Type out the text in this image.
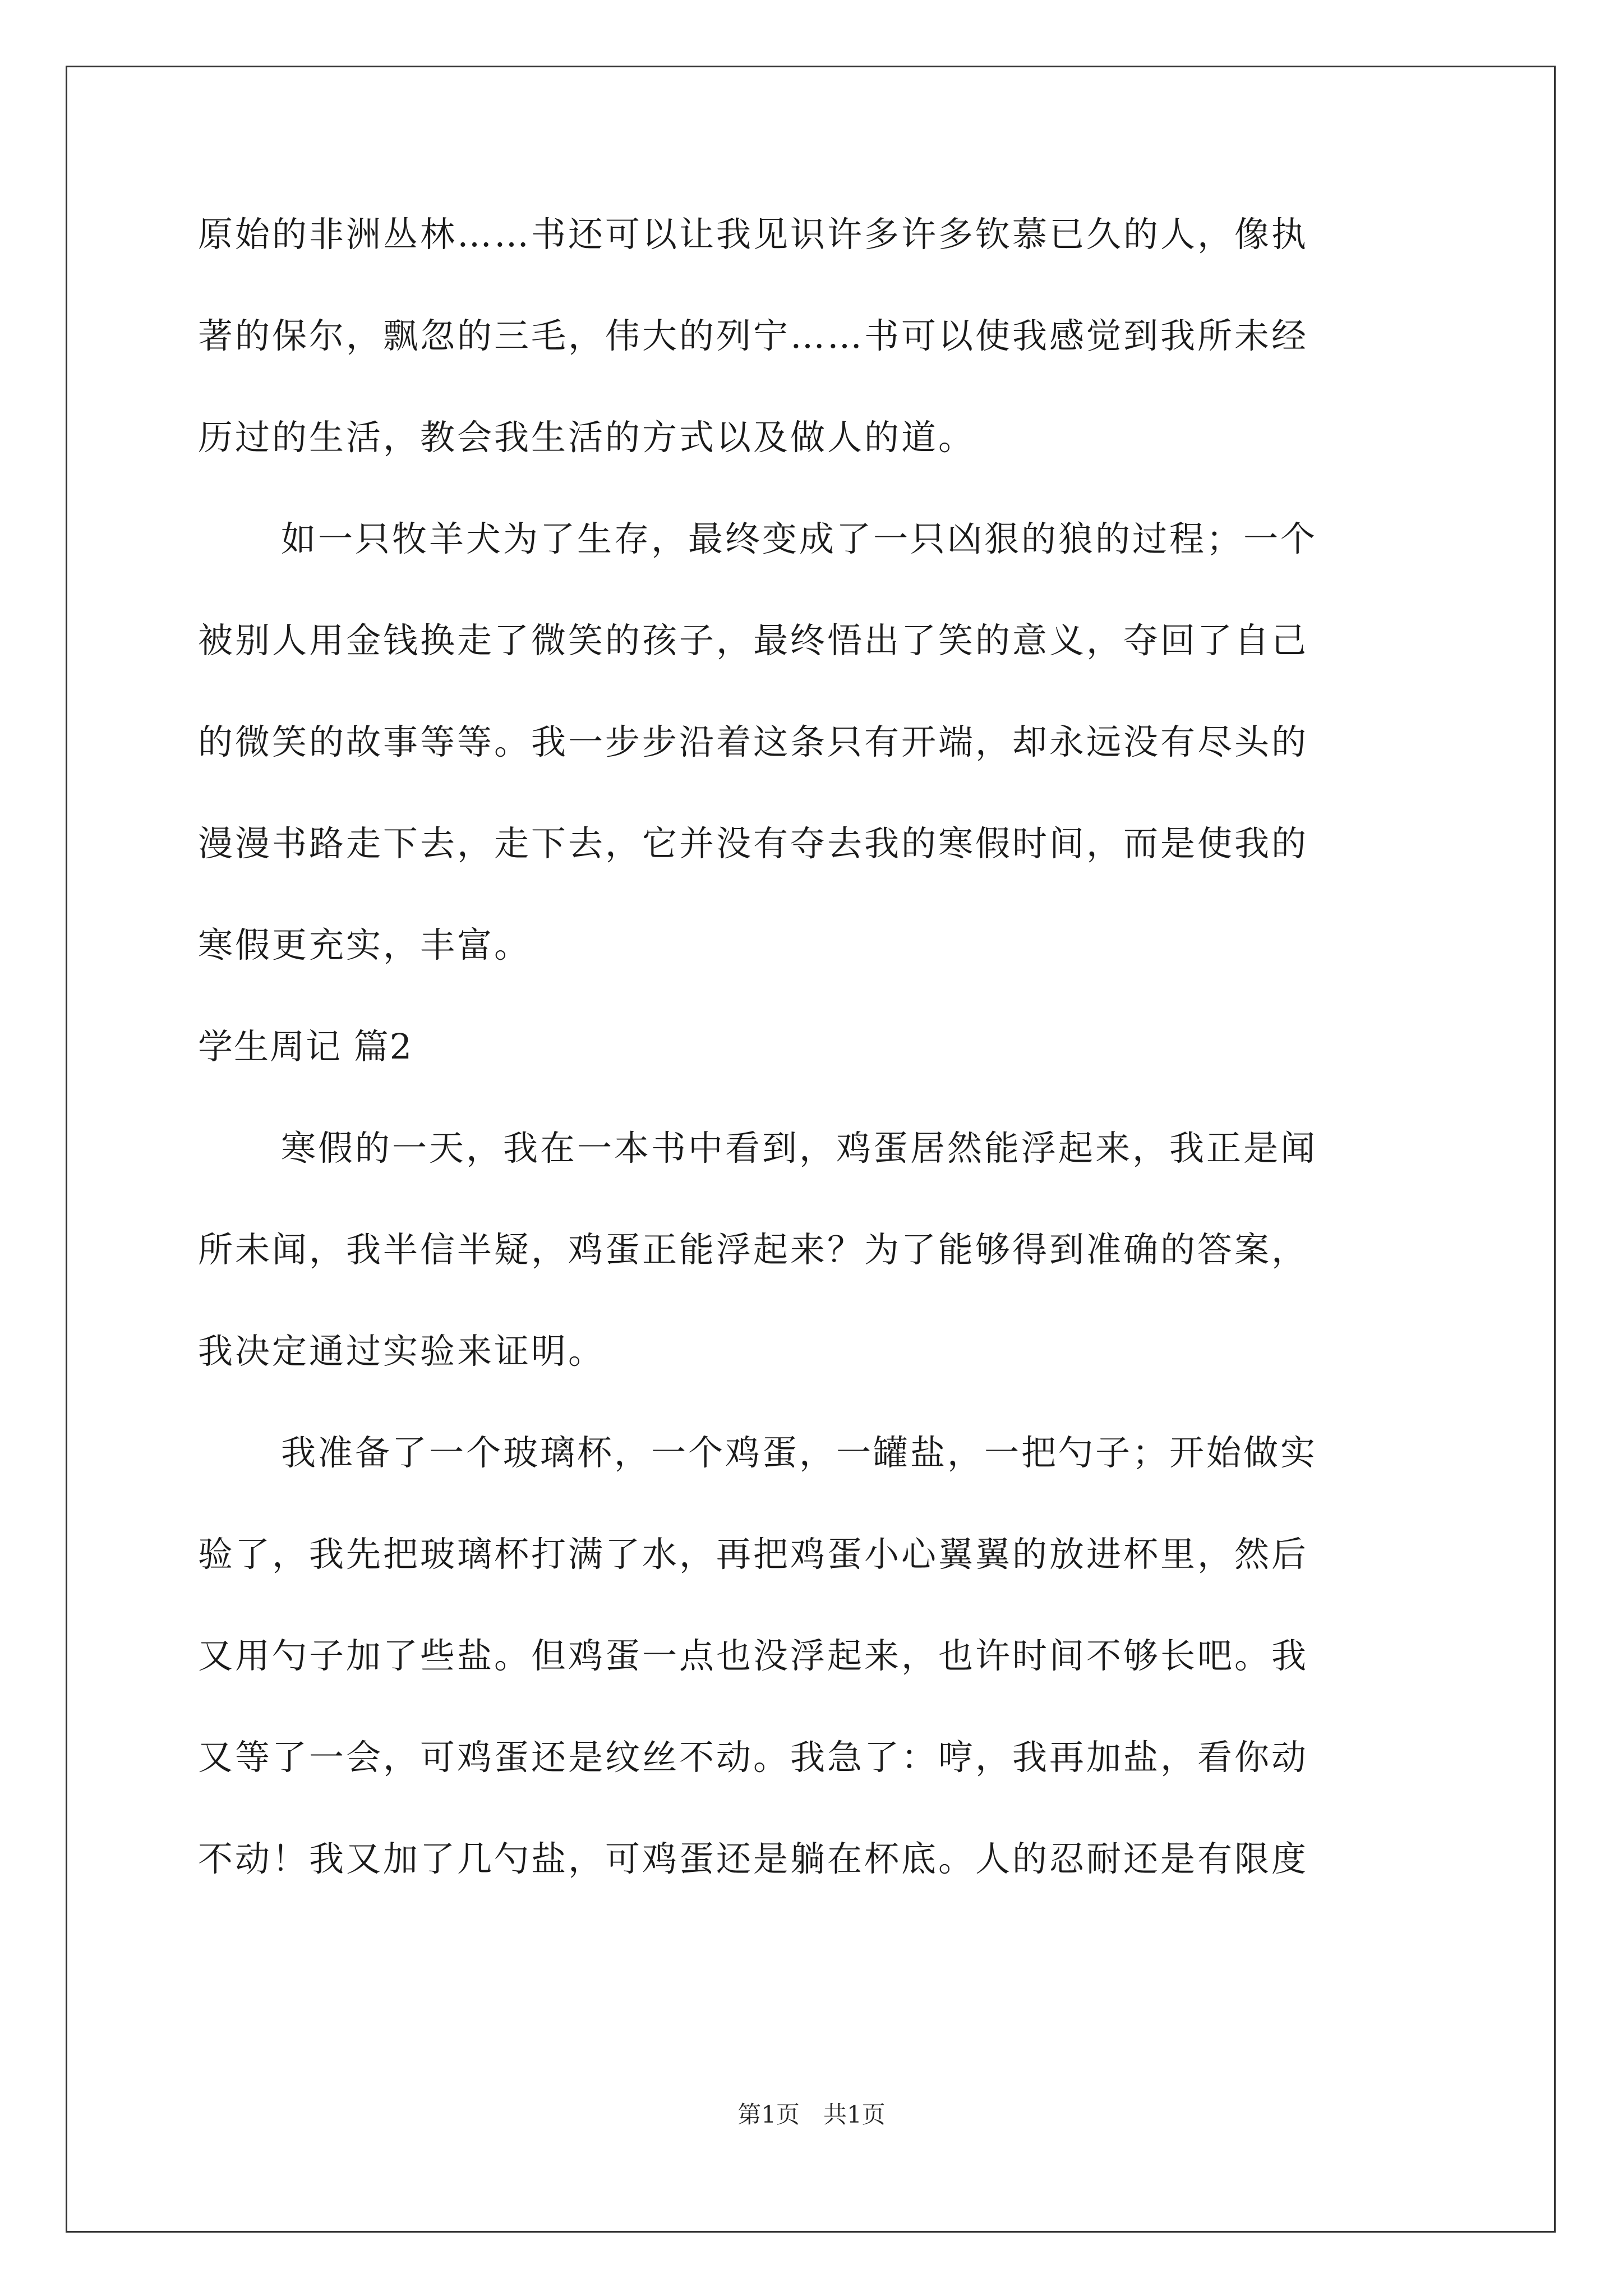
原始的非洲丛林……书还可以让我见识许多许多钦慕已久的人，像执
著的保尔，飘忽的三毛，伟大的列宁……书可以使我感觉到我所未经
历过的生活，教会我生活的方式以及做人的道。
如一只牧羊犬为了生存，最终变成了一只凶狠的狼的过程；一个
被别人用金钱换走了微笑的孩子，最终悟出了笑的意义，夺回了自己
的微笑的故事等等。我一步步沿着这条只有开端，却永远没有尽头的
漫漫书路走下去，走下去，它并没有夺去我的寒假时间，而是使我的
寒假更充实，丰富。
学生周记 篇2
寒假的一天，我在一本书中看到，鸡蛋居然能浮起来，我正是闻
所未闻，我半信半疑，鸡蛋正能浮起来？为了能够得到准确的答案，
我决定通过实验来证明。
我准备了一个玻璃杯，一个鸡蛋，一罐盐，一把勺子；开始做实
验了，我先把玻璃杯打满了水，再把鸡蛋小心翼翼的放进杯里，然后
又用勺子加了些盐。但鸡蛋一点也没浮起来，也许时间不够长吧。我
又等了一会，可鸡蛋还是纹丝不动。我急了：哼，我再加盐，看你动
不动！我又加了几勺盐，可鸡蛋还是躺在杯底。人的忍耐还是有限度
第1页　共1页
